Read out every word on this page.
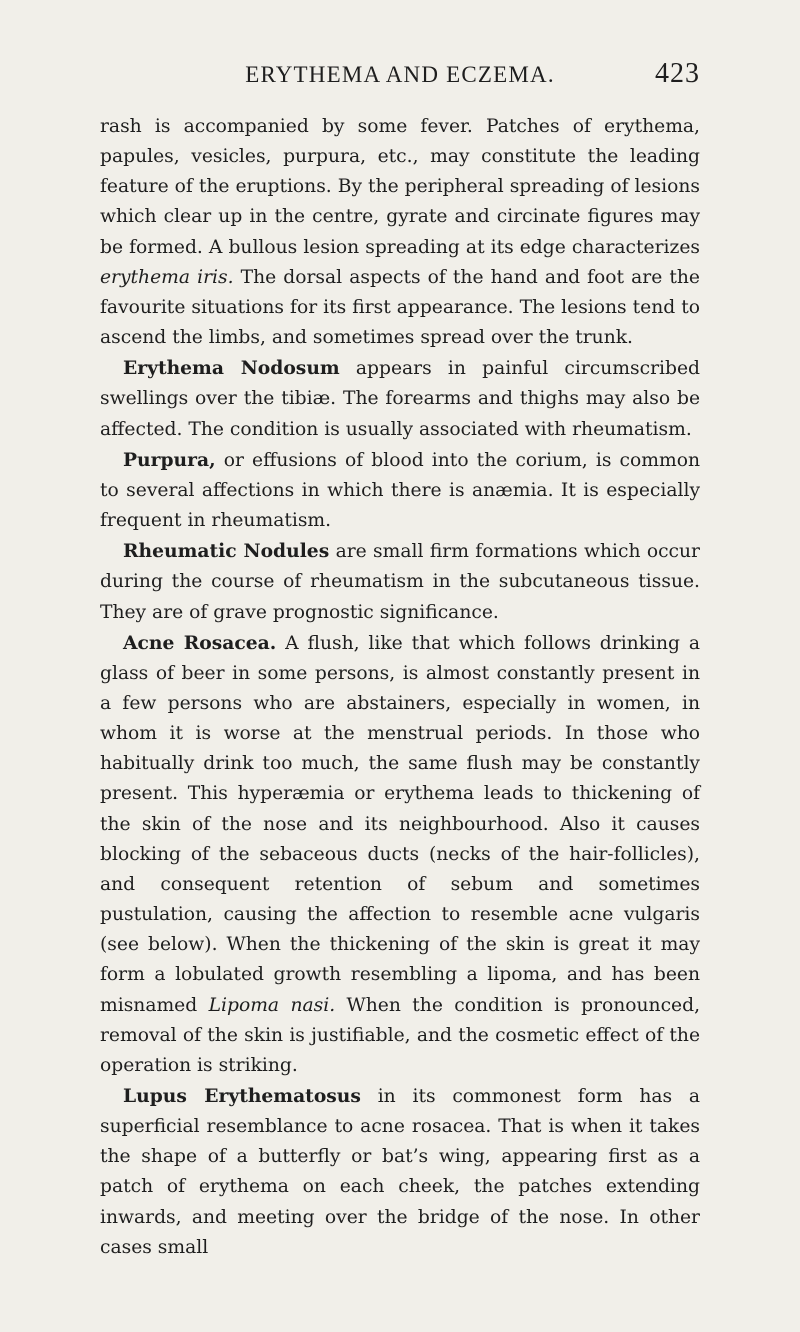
ERYTHEMA AND ECZEMA.	423

rash is accompanied by some fever. Patches of erythema, papules, vesicles, purpura, etc., may constitute the leading feature of the eruptions. By the peripheral spreading of lesions which clear up in the centre, gyrate and circinate figures may be formed. A bullous lesion spreading at its edge characterizes erythema iris. The dorsal aspects of the hand and foot are the favourite situations for its first appearance. The lesions tend to ascend the limbs, and sometimes spread over the trunk.

Erythema Nodosum appears in painful circumscribed swellings over the tibiæ. The forearms and thighs may also be affected. The condition is usually associated with rheumatism.

Purpura, or effusions of blood into the corium, is common to several affections in which there is anæmia. It is especially frequent in rheumatism.

Rheumatic Nodules are small firm formations which occur during the course of rheumatism in the subcutaneous tissue. They are of grave prognostic significance.

Acne Rosacea. A flush, like that which follows drinking a glass of beer in some persons, is almost constantly present in a few persons who are abstainers, especially in women, in whom it is worse at the menstrual periods. In those who habitually drink too much, the same flush may be constantly present. This hyperæmia or erythema leads to thickening of the skin of the nose and its neighbourhood. Also it causes blocking of the sebaceous ducts (necks of the hair-follicles), and consequent retention of sebum and sometimes pustulation, causing the affection to resemble acne vulgaris (see below). When the thickening of the skin is great it may form a lobulated growth resembling a lipoma, and has been misnamed Lipoma nasi. When the condition is pronounced, removal of the skin is justifiable, and the cosmetic effect of the operation is striking.

Lupus Erythematosus in its commonest form has a superficial resemblance to acne rosacea. That is when it takes the shape of a butterfly or bat’s wing, appearing first as a patch of erythema on each cheek, the patches extending inwards, and meeting over the bridge of the nose. In other cases small
